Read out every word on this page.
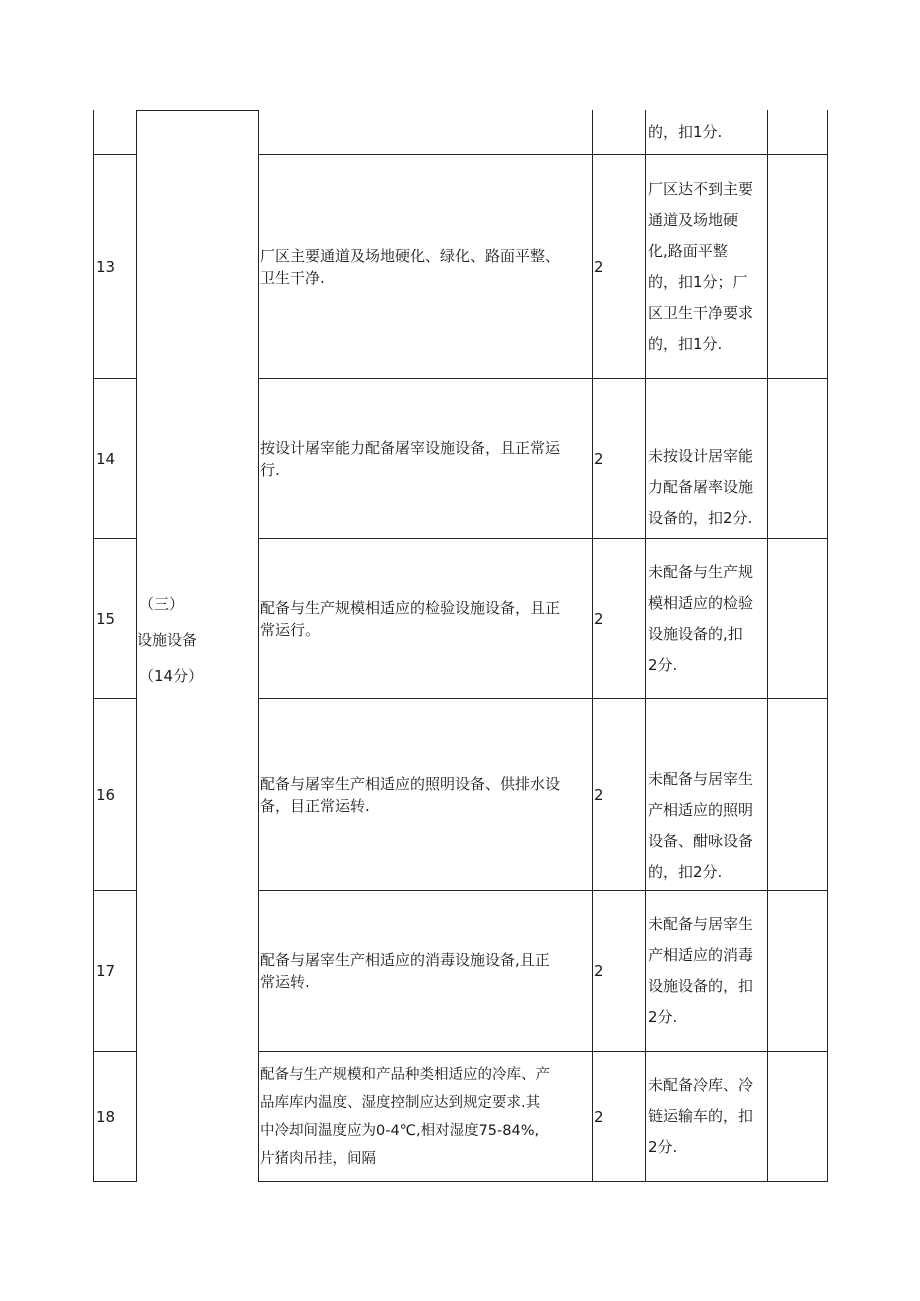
（三）
设施设备
（14分）
的，扣1分.
13
厂区主要通道及场地硬化、绿化、路面平整、
卫生干净.
2
厂区达不到主要
通道及场地硬
化,路面平整
的，扣1分；厂
区卫生干净要求
的，扣1分.
14
按设计屠宰能力配备屠宰设施设备，且正常运
行.
2	未按设计居宰能
力配备屠率设施
设备的，扣2分.
15
配备与生产规模相适应的检验设施设备，且正
常运行。
2
未配备与生产规
模相适应的检验
设施设备的,扣
2分.
16
配备与屠宰生产相适应的照明设备、供排水设
备，目正常运转.
2
未配备与居宰生
产相适应的照明
设备、酣咏设备
的，扣2分.
17
配备与屠宰生产相适应的消毒设施设备,且正
常运转.
2
未配备与居宰生
产相适应的消毒
设施设备的，扣
2分.
18
配备与生产规模和产品种类相适应的冷库、产
品库库内温度、湿度控制应达到规定要求.其
中冷却间温度应为0-4℃,相对湿度75-84%,
片猪肉吊挂，间隔
2
未配备冷库、冷
链运输车的，扣
2分.
